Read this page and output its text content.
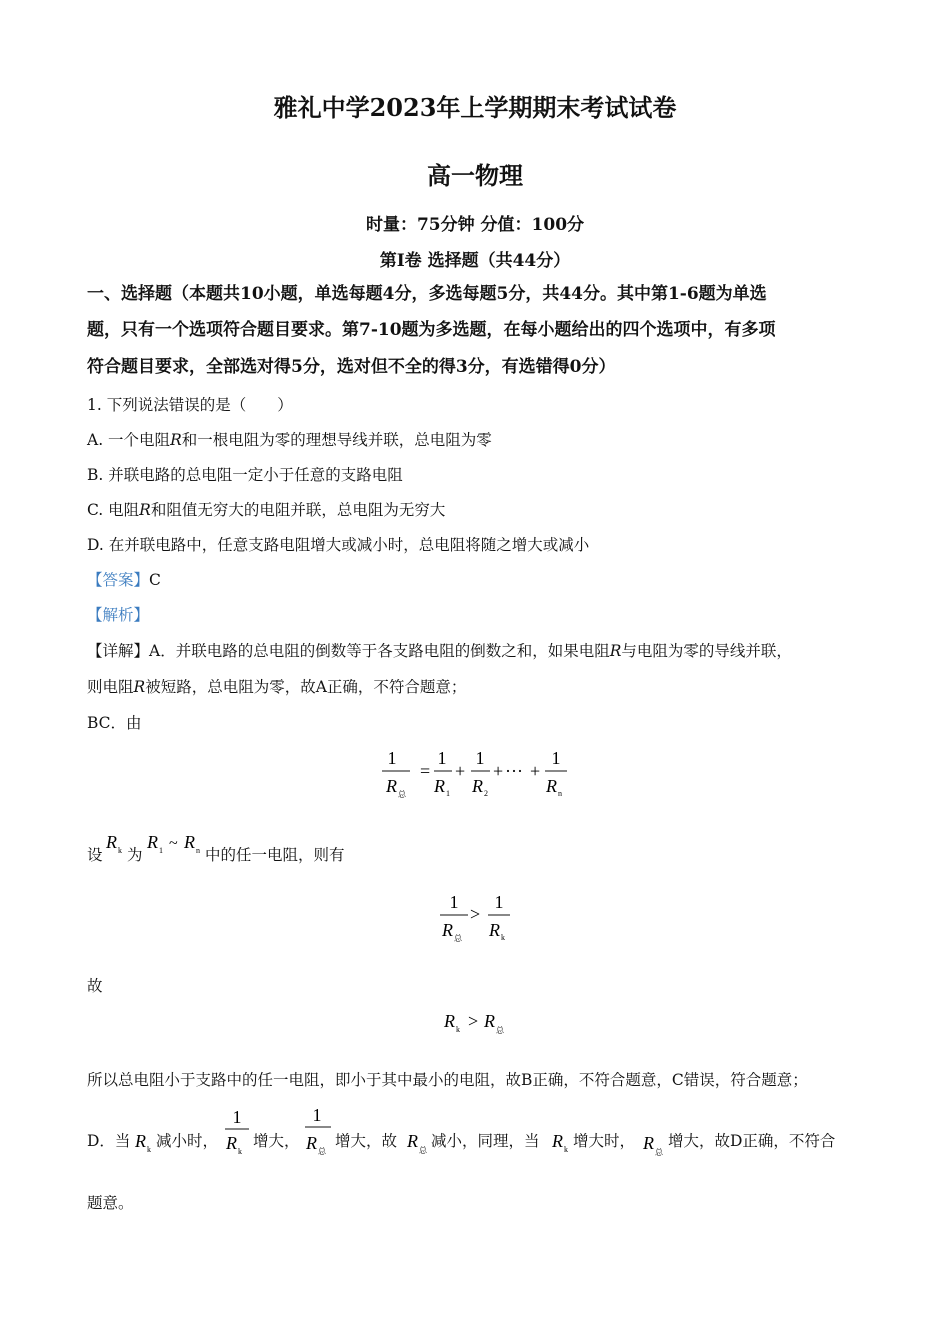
雅礼中学2023年上学期期末考试试卷
高一物理
时量：75分钟 分值：100分
第Ⅰ卷 选择题（共44分）
一、选择题（本题共10小题，单选每题4分，多选每题5分，共44分。其中第1-6题为单选
题，只有一个选项符合题目要求。第7-10题为多选题，在每小题给出的四个选项中，有多项
符合题目要求，全部选对得5分，选对但不全的得3分，有选错得0分）
1. 下列说法错误的是（　　）
A. 一个电阻R和一根电阻为零的理想导线并联，总电阻为零
B. 并联电路的总电阻一定小于任意的支路电阻
C. 电阻R和阻值无穷大的电阻并联，总电阻为无穷大
D. 在并联电路中，任意支路电阻增大或减小时，总电阻将随之增大或减小
【答案】C
【解析】
【详解】A．并联电路的总电阻的倒数等于各支路电阻的倒数之和，如果电阻R与电阻为零的导线并联，
则电阻R被短路，总电阻为零，故A正确，不符合题意；
BC．由
1
R 总
=
1
R 1
+
1
R 2
+ ··· +
1
R n
设
R k 为
R 1 ~ R n 中的任一电阻，则有
1
R 总
>
1
R k
故
R k > R 总
所以总电阻小于支路中的任一电阻，即小于其中最小的电阻，故B正确，不符合题意，C错误，符合题意；
D．当 R k 减小时，
1
R k
增大，
1
R 总
增大，故 R 总
减小，同理，当 R k 增大时， R 总
增大，故D正确，不符合
题意。
